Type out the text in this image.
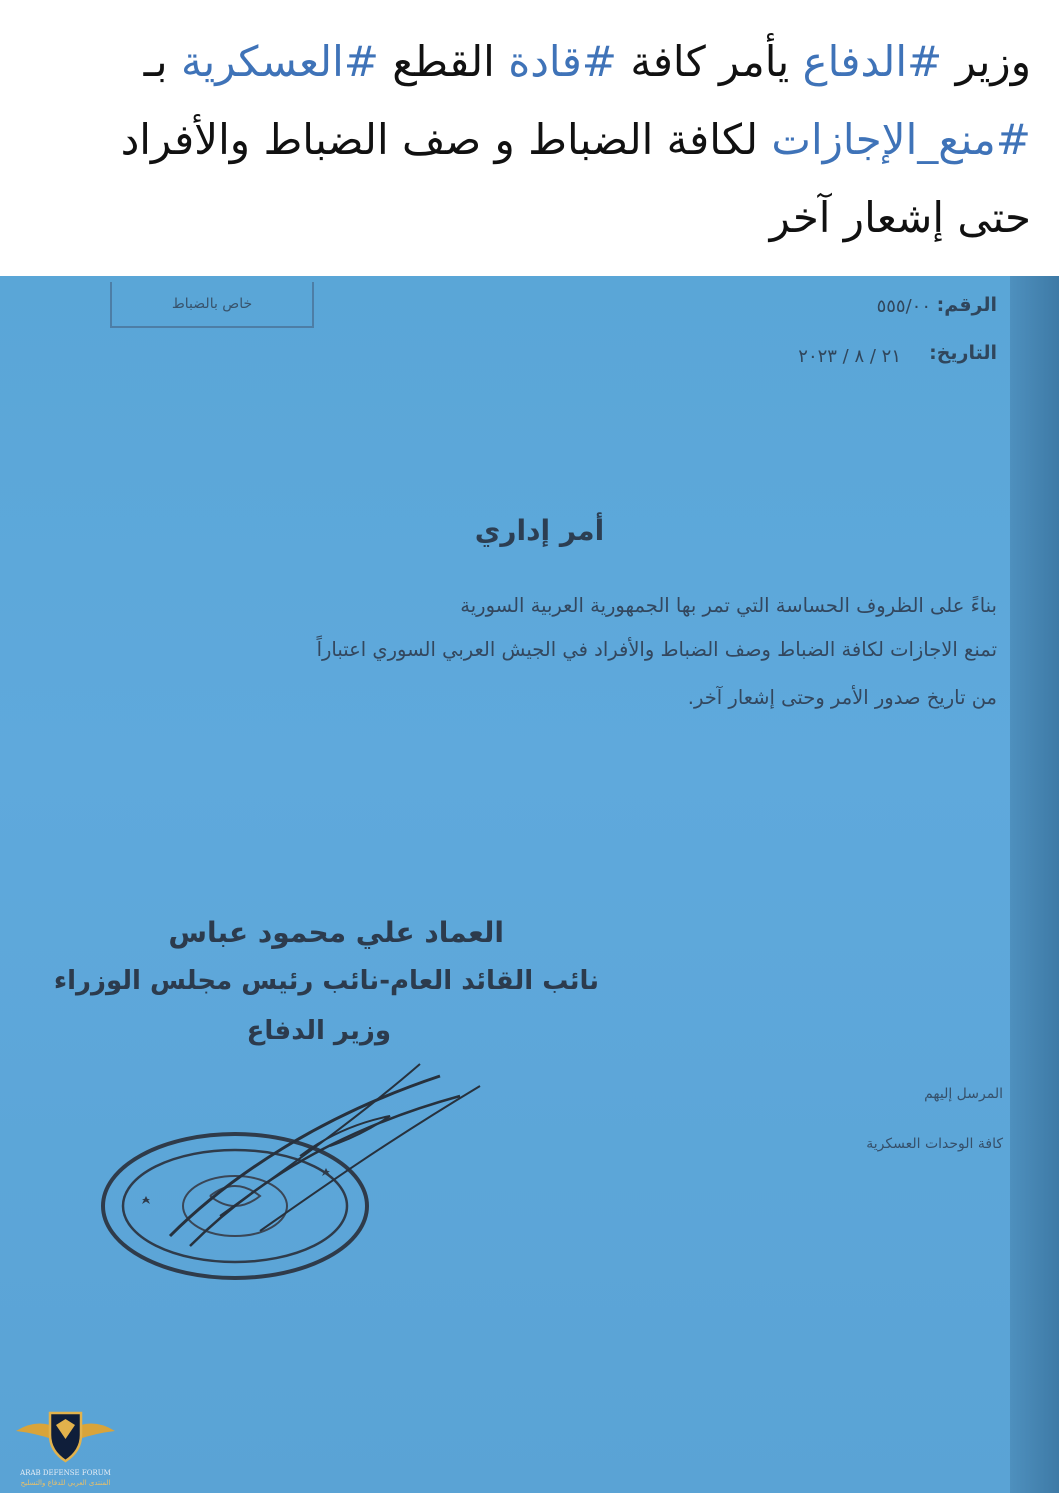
وزير #الدفاع يأمر كافة #قادة القطع #العسكرية بـ
#منع_الإجازات لكافة الضباط و صف الضباط والأفراد
حتى إشعار آخر
خاص بالضباط	الرقم:
٥٥٥/٠٠
التاريخ:
٢١ / ٨ / ٢٠٢٣
أمر إداري
بناءً على الظروف الحساسة التي تمر بها الجمهورية العربية السورية
تمنع الاجازات لكافة الضباط وصف الضباط والأفراد في الجيش العربي السوري اعتباراً
من تاريخ صدور الأمر وحتى إشعار آخر.
العماد علي محمود عباس
نائب القائد العام-نائب رئيس مجلس الوزراء
وزير الدفاع
المرسل إليهم
كافة الوحدات العسكرية
ARAB DEFENSE FORUM
المنتدى العربي للدفاع والتسليح
